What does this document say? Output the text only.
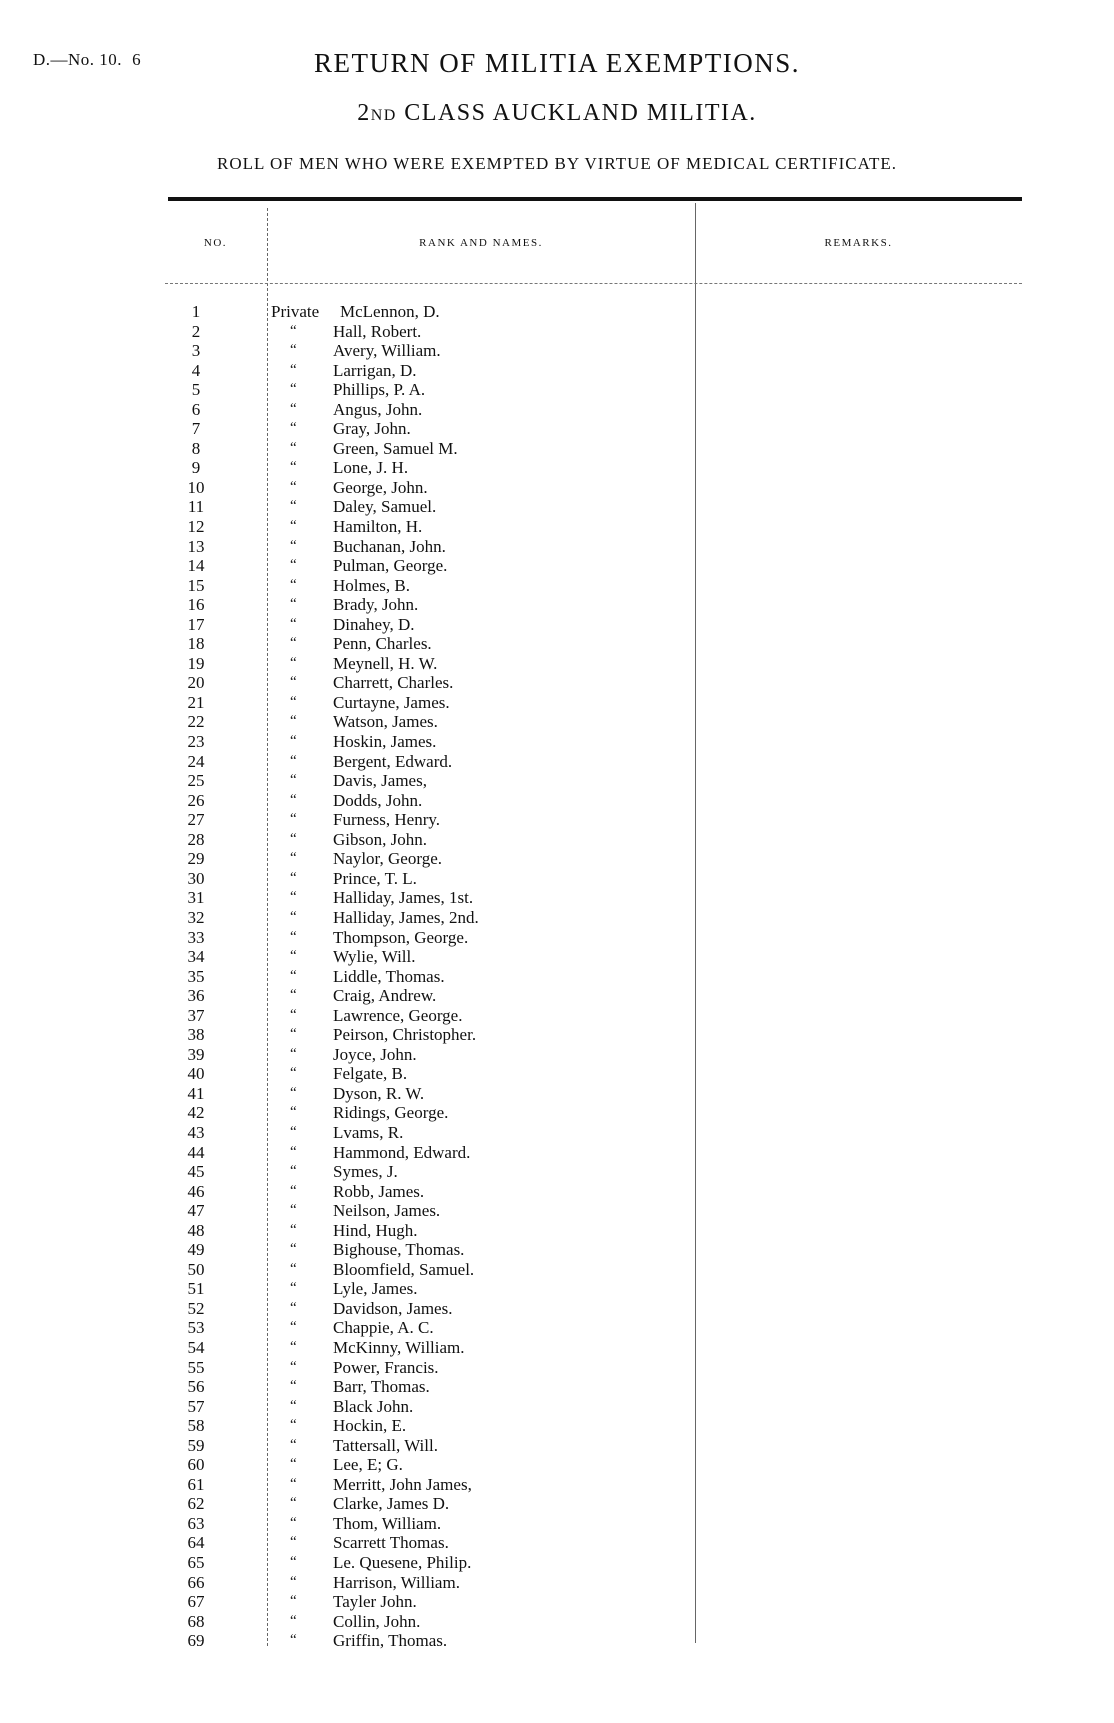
D.—No. 10. 6	RETURN OF MILITIA EXEMPTIONS.
2ND CLASS AUCKLAND MILITIA.
ROLL OF MEN WHO WERE EXEMPTED BY VIRTUE OF MEDICAL CERTIFICATE.
NO.	RANK AND NAMES.	REMARKS.
1	Private McLennon, D.
2	“ Hall, Robert.
3	“ Avery, William.
4	“ Larrigan, D.
5	“ Phillips, P. A.
6	“ Angus, John.
7	“ Gray, John.
8	“ Green, Samuel M.
9	“ Lone, J. H.
10	“ George, John.
11	“ Daley, Samuel.
12	“ Hamilton, H.
13	“ Buchanan, John.
14	“ Pulman, George.
15	“ Holmes, B.
16	“ Brady, John.
17	“ Dinahey, D.
18	“ Penn, Charles.
19	“ Meynell, H. W.
20	“ Charrett, Charles.
21	“ Curtayne, James.
22	“ Watson, James.
23	“ Hoskin, James.
24	“ Bergent, Edward.
25	“ Davis, James,
26	“ Dodds, John.
27	“ Furness, Henry.
28	“ Gibson, John.
29	“ Naylor, George.
30	“ Prince, T. L.
31	“ Halliday, James, 1st.
32	“ Halliday, James, 2nd.
33	“ Thompson, George.
34	“ Wylie, Will.
35	“ Liddle, Thomas.
36	“ Craig, Andrew.
37	“ Lawrence, George.
38	“ Peirson, Christopher.
39	“ Joyce, John.
40	“ Felgate, B.
41	“ Dyson, R. W.
42	“ Ridings, George.
43	“ Lvams, R.
44	“ Hammond, Edward.
45	“ Symes, J.
46	“ Robb, James.
47	“ Neilson, James.
48	“ Hind, Hugh.
49	“ Bighouse, Thomas.
50	“ Bloomfield, Samuel.
51	“ Lyle, James.
52	“ Davidson, James.
53	“ Chappie, A. C.
54	“ McKinny, William.
55	“ Power, Francis.
56	“ Barr, Thomas.
57	“ Black John.
58	“ Hockin, E.
59	“ Tattersall, Will.
60	“ Lee, E; G.
61	“ Merritt, John James,
62	“ Clarke, James D.
63	“ Thom, William.
64	“ Scarrett Thomas.
65	“ Le. Quesene, Philip.
66	“ Harrison, William.
67	“ Tayler John.
68	“ Collin, John.
69	“ Griffin, Thomas.
